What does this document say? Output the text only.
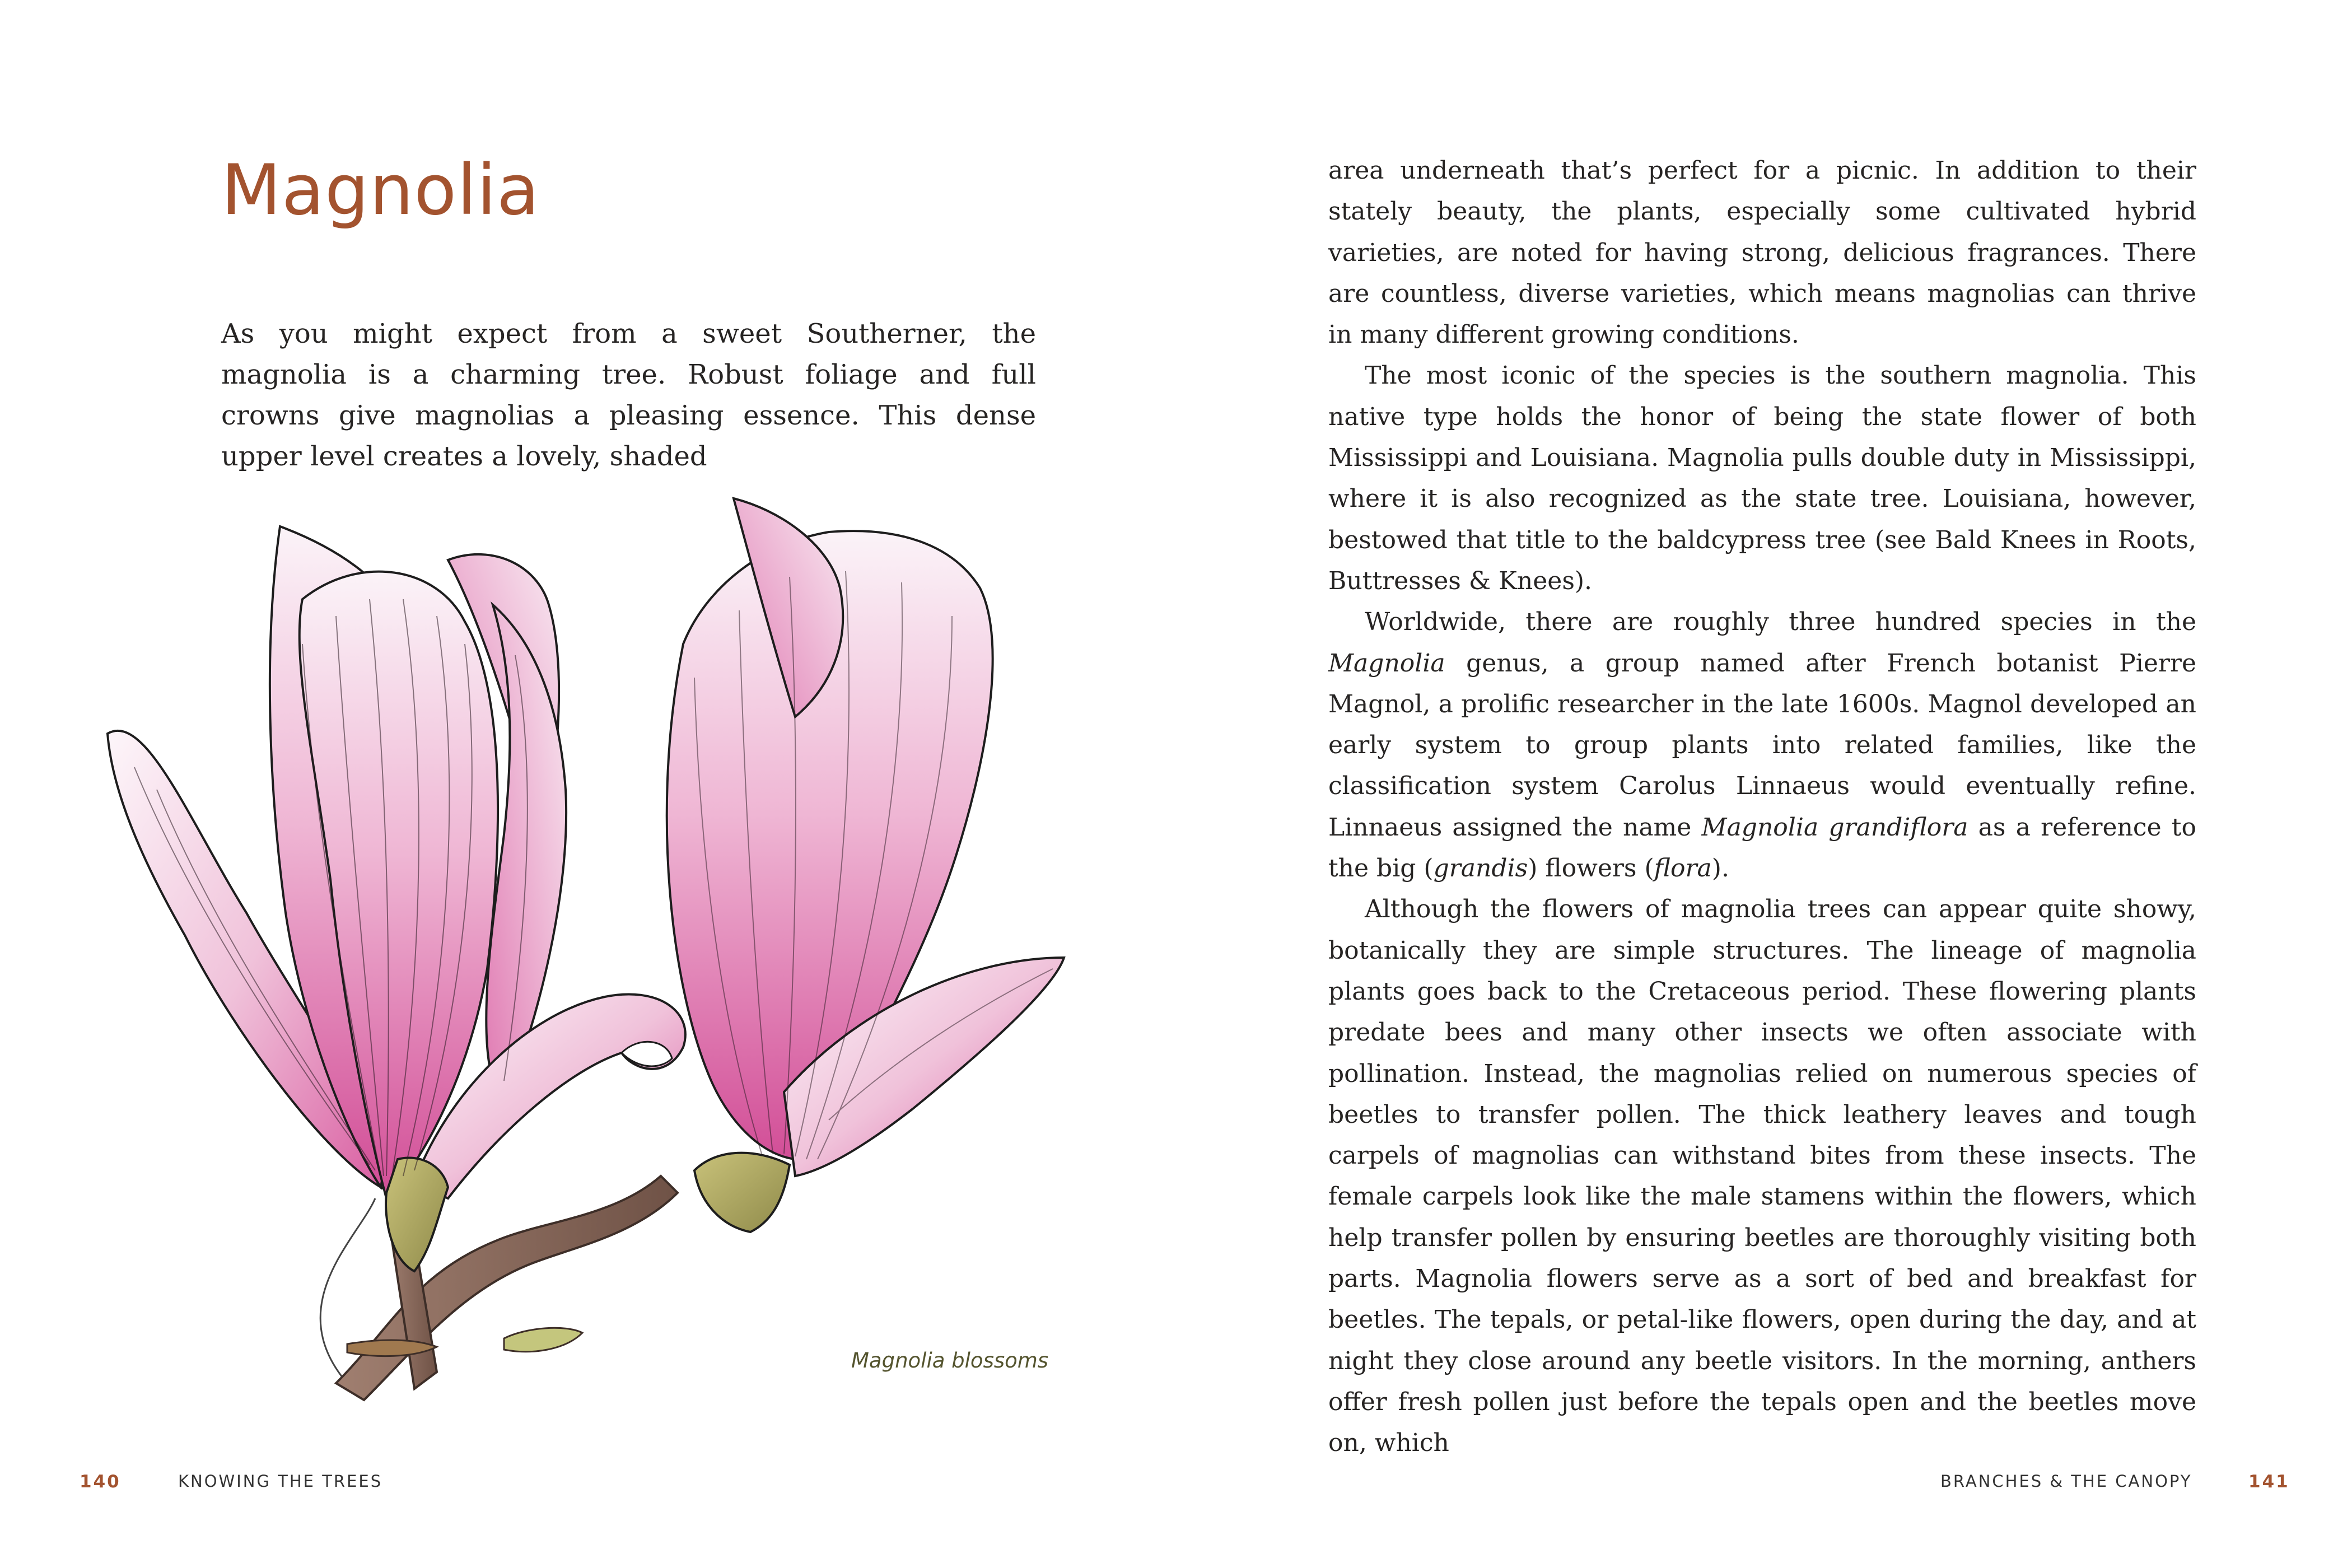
Magnolia

As you might expect from a sweet Southerner, the magnolia is a charming tree. Robust foliage and full crowns give magnolias a pleasing essence. This dense upper level creates a lovely, shaded

Magnolia blossoms

140	KNOWING THE TREES

area underneath that’s perfect for a picnic. In addition to their stately beauty, the plants, especially some cultivated hybrid varieties, are noted for having strong, delicious fragrances. There are countless, diverse varieties, which means magnolias can thrive in many different growing conditions.

The most iconic of the species is the southern magnolia. This native type holds the honor of being the state flower of both Mississippi and Louisiana. Magnolia pulls double duty in Mississippi, where it is also recognized as the state tree. Louisiana, however, bestowed that title to the baldcypress tree (see Bald Knees in Roots, Buttresses & Knees).

Worldwide, there are roughly three hundred species in the Magnolia genus, a group named after French botanist Pierre Magnol, a prolific researcher in the late 1600s. Magnol developed an early system to group plants into related families, like the classification system Carolus Linnaeus would eventually refine. Linnaeus assigned the name Magnolia grandiflora as a reference to the big (grandis) flowers (flora).

Although the flowers of magnolia trees can appear quite showy, botanically they are simple structures. The lineage of magnolia plants goes back to the Cretaceous period. These flowering plants predate bees and many other insects we often associate with pollination. Instead, the magnolias relied on numerous species of beetles to transfer pollen. The thick leathery leaves and tough carpels of magnolias can withstand bites from these insects. The female carpels look like the male stamens within the flowers, which help transfer pollen by ensuring beetles are thoroughly visiting both parts. Magnolia flowers serve as a sort of bed and breakfast for beetles. The tepals, or petal-like flowers, open during the day, and at night they close around any beetle visitors. In the morning, anthers offer fresh pollen just before the tepals open and the beetles move on, which

BRANCHES & THE CANOPY	141
